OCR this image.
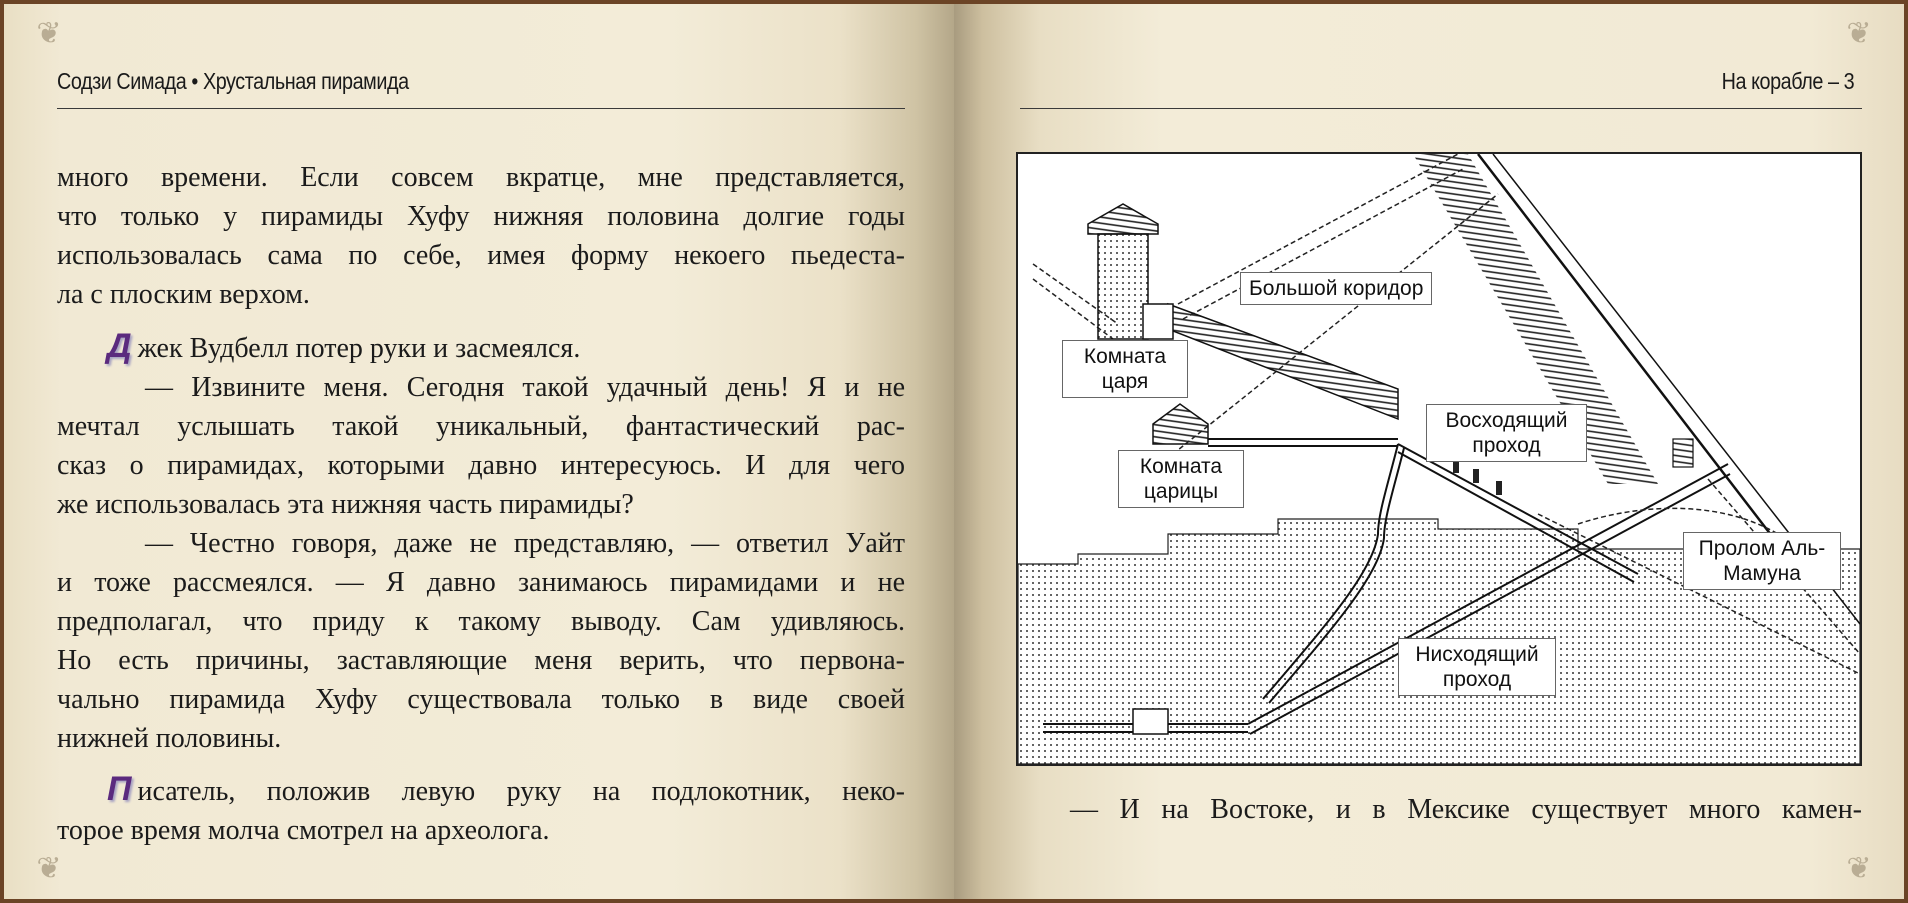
❦
❦
Содзи Симада • Хрустальная пирамида
много времени. Если совсем вкратце, мне представляется,
что только у пирамиды Хуфу нижняя половина долгие годы
использовалась сама по себе, имея форму некоего пьедеста-
ла с плоским верхом.
Д жек Вудбелл потер руки и засмеялся.
— Извините меня. Сегодня такой удачный день! Я и не
мечтал услышать такой уникальный, фантастический рас-
сказ о пирамидах, которыми давно интересуюсь. И для чего
же использовалась эта нижняя часть пирамиды?
— Честно говоря, даже не представляю, — ответил Уайт
и тоже рассмеялся. — Я давно занимаюсь пирамидами и не
предполагал, что приду к такому выводу. Сам удивляюсь.
Но есть причины, заставляющие меня верить, что первона-
чально пирамида Хуфу существовала только в виде своей
нижней половины.
П исатель, положив левую руку на подлокотник, неко-
торое время молча смотрел на археолога.
❦
❦
На корабле – 3
Большой коридор
Комната царя
Восходящий проход
Комната царицы
Пролом Аль-Мамуна
Нисходящий проход
— И на Востоке, и в Мексике существует много камен-
